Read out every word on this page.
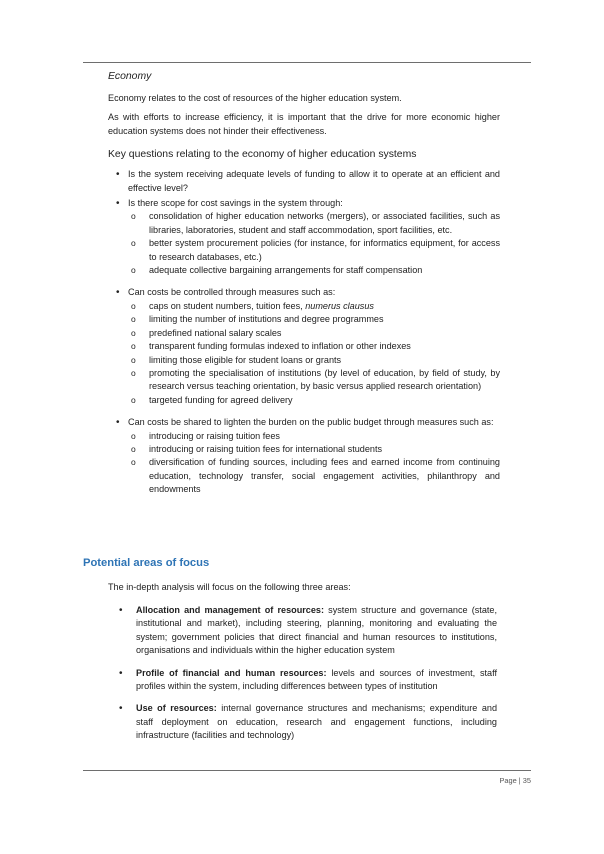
Economy

Economy relates to the cost of resources of the higher education system.

As with efforts to increase efficiency, it is important that the drive for more economic higher education systems does not hinder their effectiveness.

Key questions relating to the economy of higher education systems
• Is the system receiving adequate levels of funding to allow it to operate at an efficient and effective level?
• Is there scope for cost savings in the system through:
o consolidation of higher education networks (mergers), or associated facilities, such as libraries, laboratories, student and staff accommodation, sport facilities, etc.
o better system procurement policies (for instance, for informatics equipment, for access to research databases, etc.)
o adequate collective bargaining arrangements for staff compensation
• Can costs be controlled through measures such as:
o caps on student numbers, tuition fees, numerus clausus
o limiting the number of institutions and degree programmes
o predefined national salary scales
o transparent funding formulas indexed to inflation or other indexes
o limiting those eligible for student loans or grants
o promoting the specialisation of institutions (by level of education, by field of study, by research versus teaching orientation, by basic versus applied research orientation)
o targeted funding for agreed delivery
• Can costs be shared to lighten the burden on the public budget through measures such as:
o introducing or raising tuition fees
o introducing or raising tuition fees for international students
o diversification of funding sources, including fees and earned income from continuing education, technology transfer, social engagement activities, philanthropy and endowments
Potential areas of focus
The in-depth analysis will focus on the following three areas:
• Allocation and management of resources: system structure and governance (state, institutional and market), including steering, planning, monitoring and evaluating the system; government policies that direct financial and human resources to institutions, organisations and individuals within the higher education system
• Profile of financial and human resources: levels and sources of investment, staff profiles within the system, including differences between types of institution
• Use of resources: internal governance structures and mechanisms; expenditure and staff deployment on education, research and engagement functions, including infrastructure (facilities and technology)
Page | 35
